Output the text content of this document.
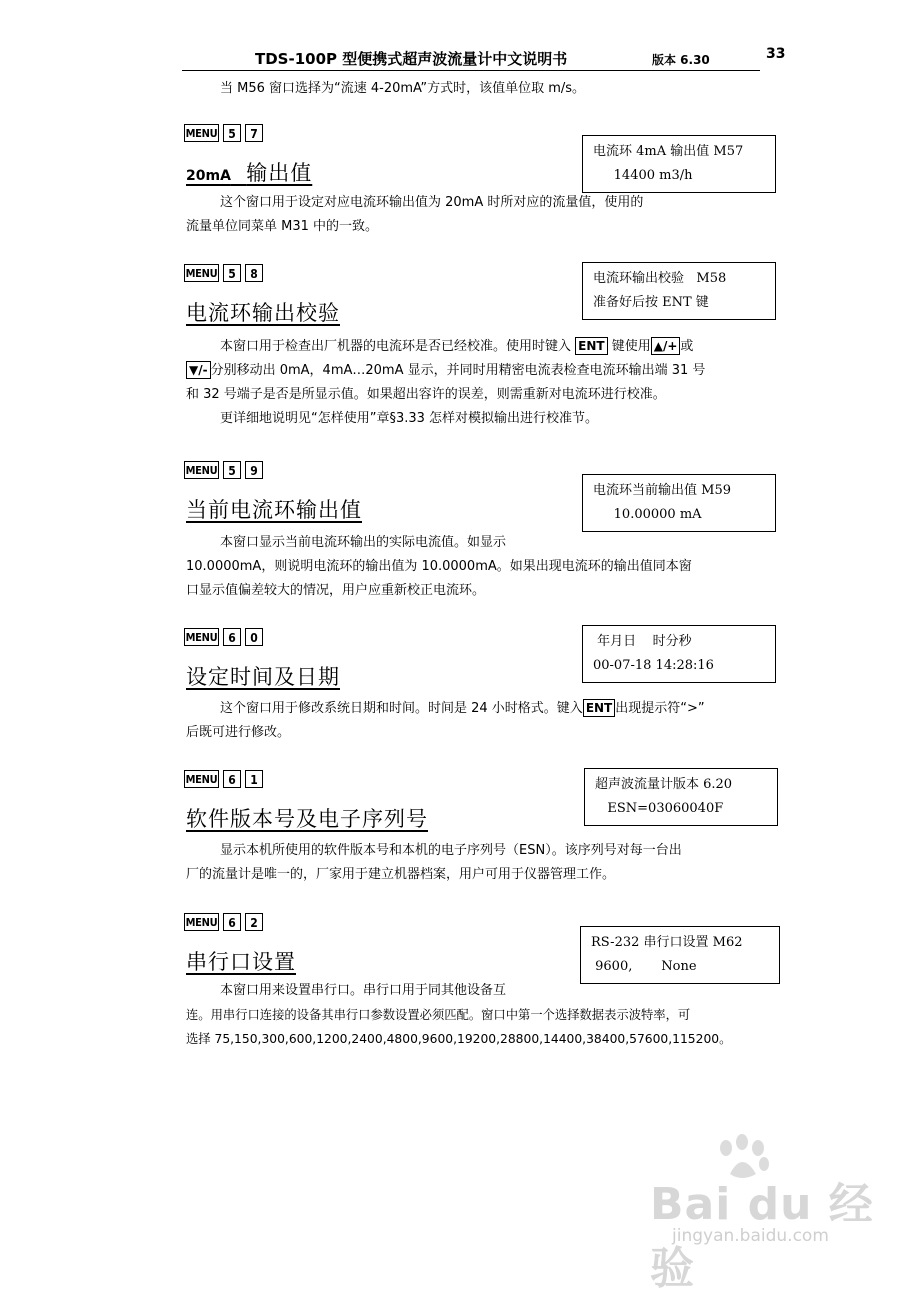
TDS-100P 型便携式超声波流量计中文说明书	版本 6.30	33
当 M56 窗口选择为“流速 4-20mA”方式时，该值单位取 m/s。
MENU 5	7
20mA 输出值
电流环 4mA 输出值 M57
14400 m3/h
这个窗口用于设定对应电流环输出值为 20mA 时所对应的流量值，使用的
流量单位同菜单 M31 中的一致。
MENU 5	8
电流环输出校验
电流环输出校验   M58
准备好后按 ENT 键
本窗口用于检查出厂机器的电流环是否已经校准。使用时键入 ENT 键使用 ▲/+ 或
▼/- 分别移动出 0mA，4mA…20mA 显示，并同时用精密电流表检查电流环输出端 31 号
和 32 号端子是否是所显示值。如果超出容许的误差，则需重新对电流环进行校准。
更详细地说明见“怎样使用”章§3.33 怎样对模拟输出进行校准节。
MENU 5	9
当前电流环输出值
电流环当前输出值 M59
10.00000 mA
本窗口显示当前电流环输出的实际电流值。如显示
10.0000mA，则说明电流环的输出值为 10.0000mA。如果出现电流环的输出值同本窗
口显示值偏差较大的情况，用户应重新校正电流环。
MENU 6	0
设定时间及日期
年月日    时分秒
00-07-18 14:28:16
这个窗口用于修改系统日期和时间。时间是 24 小时格式。键入 ENT 出现提示符“>”
后既可进行修改。
MENU 6	1
软件版本号及电子序列号
超声波流量计版本 6.20
ESN=03060040F
显示本机所使用的软件版本号和本机的电子序列号（ESN）。该序列号对每一台出
厂的流量计是唯一的，厂家用于建立机器档案，用户可用于仪器管理工作。
MENU 6	2
串行口设置
RS-232 串行口设置 M62
9600,       None
本窗口用来设置串行口。串行口用于同其他设备互
连。用串行口连接的设备其串行口参数设置必须匹配。窗口中第一个选择数据表示波特率，可
选择 75,150,300,600,1200,2400,4800,9600,19200,28800,14400,38400,57600,115200。
Bai du 经验
jingyan.baidu.com
